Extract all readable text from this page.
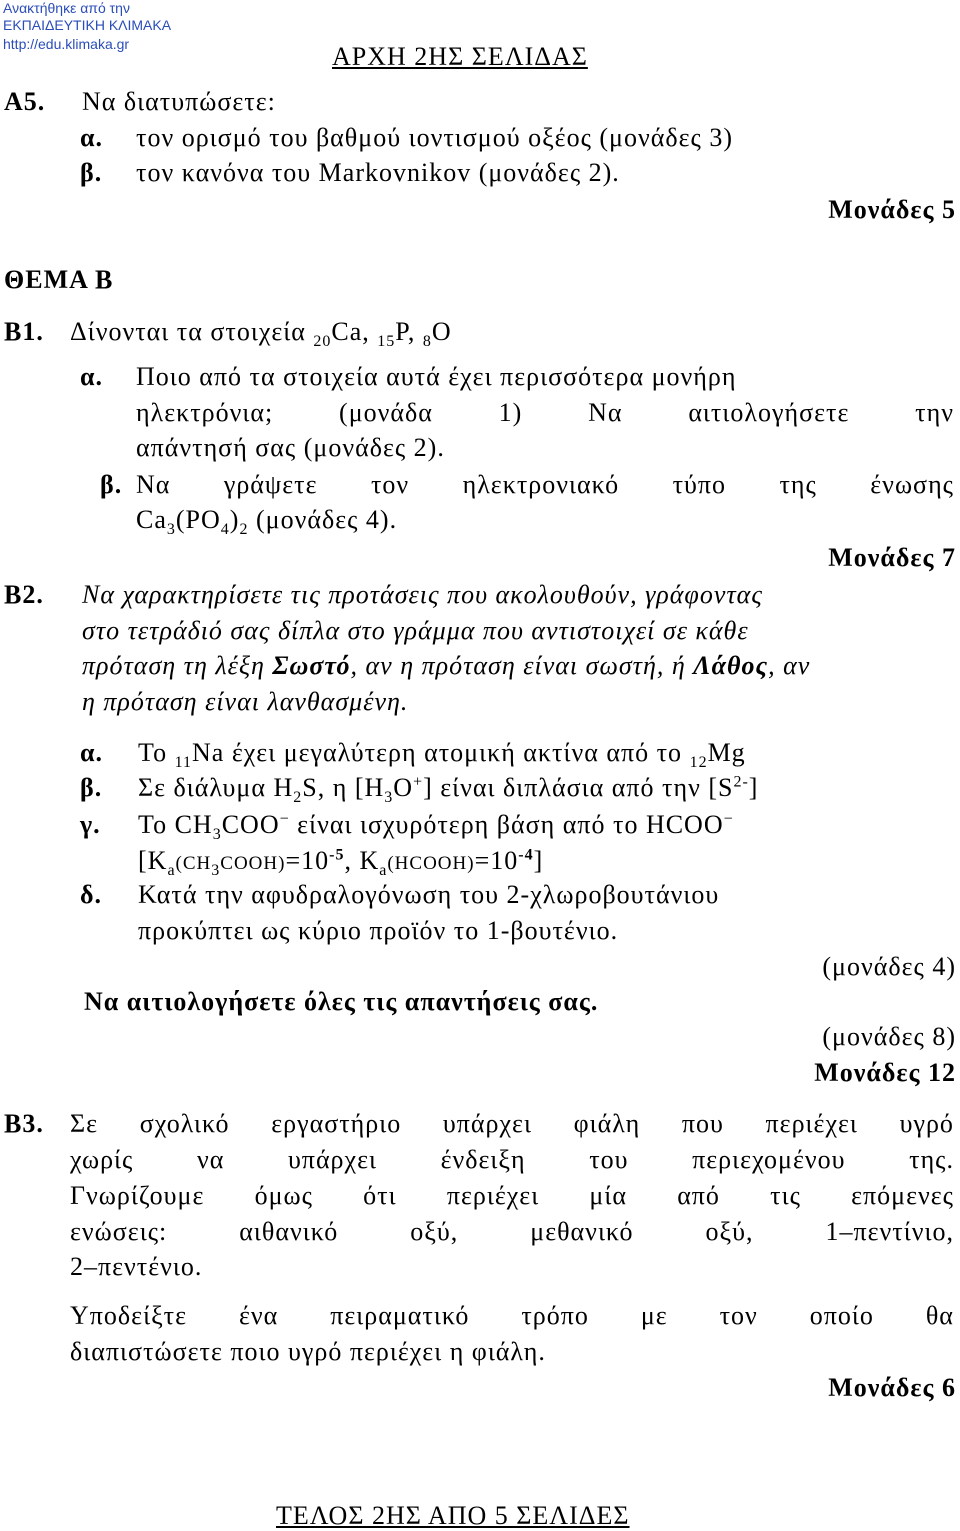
Ανακτήθηκε από την
ΕΚΠΑΙΔΕΥΤΙΚΗ ΚΛΙΜΑΚΑ
http://edu.klimaka.gr	ΑΡΧΗ 2ΗΣ ΣΕΛΙΔΑΣ
Α5. Να διατυπώσετε:
α. τον ορισμό του βαθμού ιοντισμού οξέος (μονάδες 3)
β. τον κανόνα του Markovnikov (μονάδες 2).
Μονάδες 5
ΘΕΜΑ Β
Β1. Δίνονται τα στοιχεία $_{20}$Ca, $_{15}$P, $_8$O
α. Ποιο από τα στοιχεία αυτά έχει περισσότερα μονήρη
ηλεκτρόνια;	(μονάδα	1)	Να	αιτιολογήσετε	την
απάντησή σας (μονάδες 2).
β. Να γράψετε τον ηλεκτρονιακό τύπο της ένωσης
$Ca_3(PO_4)_2$ (μονάδες 4).
Μονάδες 7
Β2. Να χαρακτηρίσετε τις προτάσεις που ακολουθούν, γράφοντας
στο τετράδιό σας δίπλα στο γράμμα που αντιστοιχεί σε κάθε
πρόταση τη λέξη Σωστό, αν η πρόταση είναι σωστή, ή Λάθος, αν
η πρόταση είναι λανθασμένη.
α. Το $_{11}$Na έχει μεγαλύτερη ατομική ακτίνα από το $_{12}$Mg
β. Σε διάλυμα $H_2S$, η $[H_3O^+]$ είναι διπλάσια από την $[S^{2-}]$
γ. Το $CH_3COO^-$ είναι ισχυρότερη βάση από το HCOO−
[$K_a(CH_3COOH)=10^{-5}$, $K_a(HCOOH)=10^{-4}$]
δ. Κατά την αφυδραλογόνωση του 2-χλωροβουτάνιου
προκύπτει ως κύριο προϊόν το 1-βουτένιο.
(μονάδες 4)
Να αιτιολογήσετε όλες τις απαντήσεις σας.
(μονάδες 8)
Μονάδες 12
Β3. Σε σχολικό εργαστήριο υπάρχει φιάλη που περιέχει υγρό
χωρίς να υπάρχει ένδειξη του περιεχομένου της.
Γνωρίζουμε όμως ότι περιέχει μία από τις επόμενες
ενώσεις:	αιθανικό	οξύ,	μεθανικό	οξύ,	1–πεντίνιο,
2–πεντένιο.
Υποδείξτε ένα πειραματικό τρόπο με τον οποίο θα
διαπιστώσετε ποιο υγρό περιέχει η φιάλη.
Μονάδες 6
ΤΕΛΟΣ 2ΗΣ ΑΠΟ 5 ΣΕΛΙΔΕΣ
